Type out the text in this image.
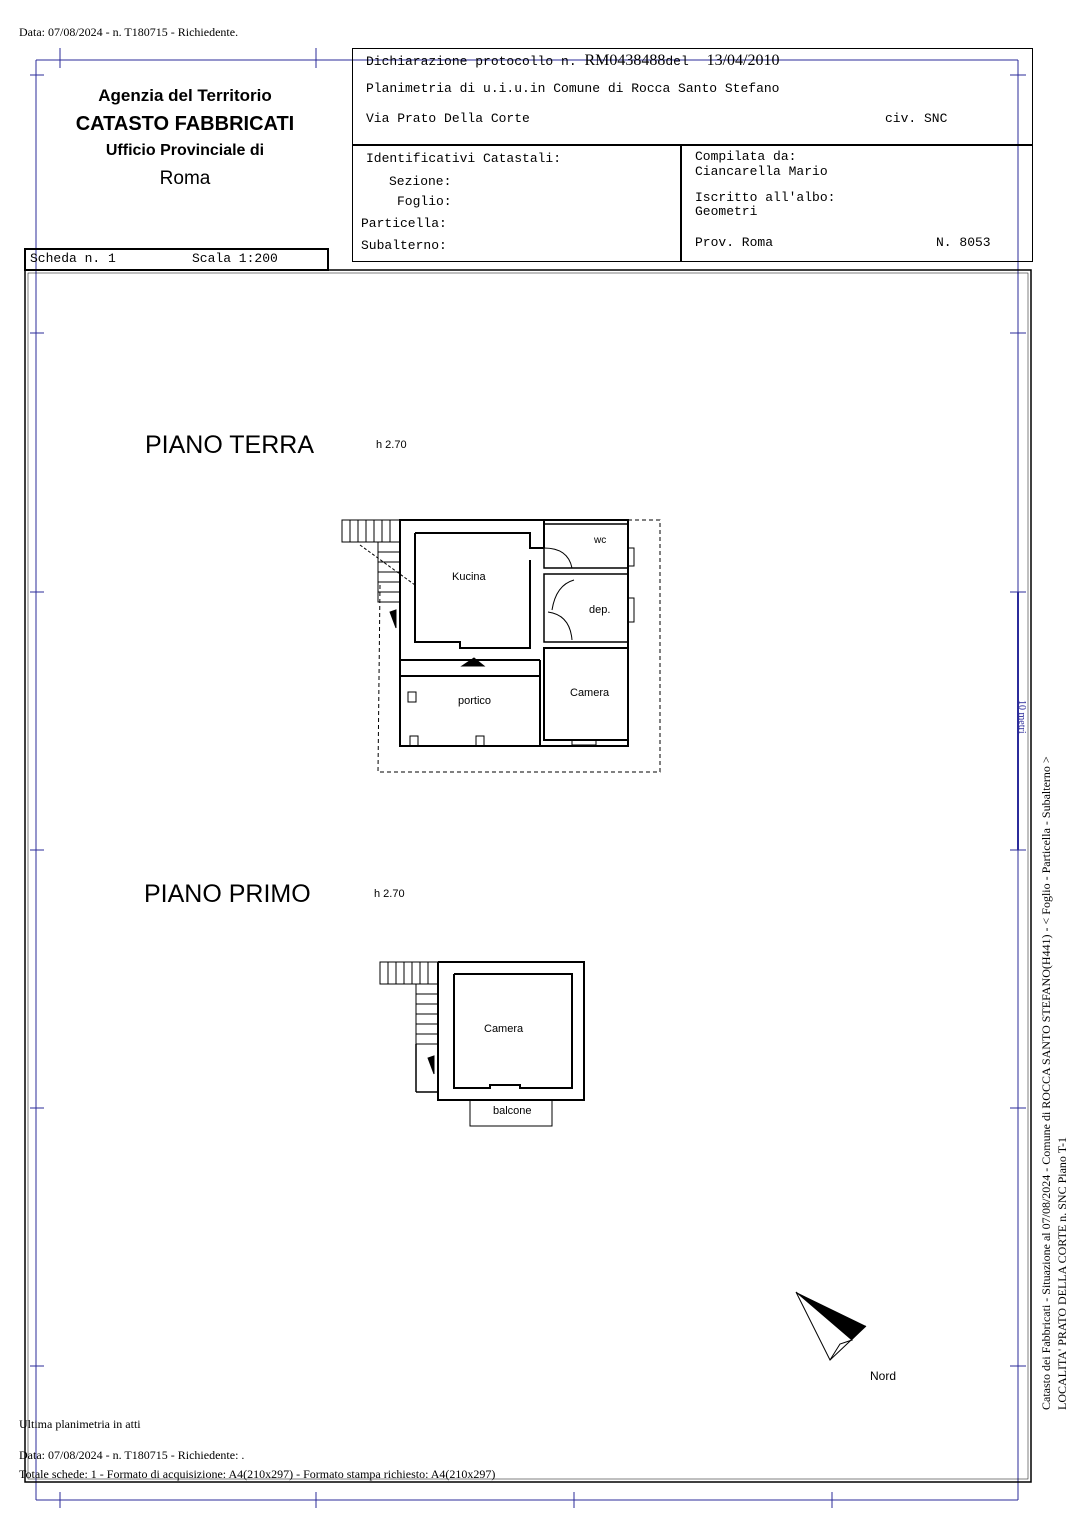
Data: 07/08/2024 - n. T180715 - Richiedente.
Agenzia del Territorio
CATASTO FABBRICATI
Ufficio Provinciale di
Roma
Dichiarazione protocollo n. RM0438488del 13/04/2010
Planimetria di u.i.u.in Comune di Rocca Santo Stefano
Via Prato Della Corte	civ. SNC
Identificativi Catastali:
Sezione:
Foglio:
Particella:
Subalterno:
Compilata da:
Ciancarella Mario
Iscritto all'albo:
Geometri
Prov. Roma	N. 8053
Scheda n. 1	Scala 1:200
PIANO TERRA	h 2.70
PIANO PRIMO	h 2.70
Kucina
wc
dep.
portico
Camera
Camera
balcone
Nord	Catasto dei Fabbricati - Situazione al 07/08/2024 - Comune di ROCCA SANTO STEFANO(H441) - < Foglio - Particella - Subalterno > LOCALITA' PRATO DELLA CORTE n. SNC Piano T-1
10 metri
Ultima planimetria in atti
Data: 07/08/2024 - n. T180715 - Richiedente: .
Totale schede: 1 - Formato di acquisizione: A4(210x297) - Formato stampa richiesto: A4(210x297)
